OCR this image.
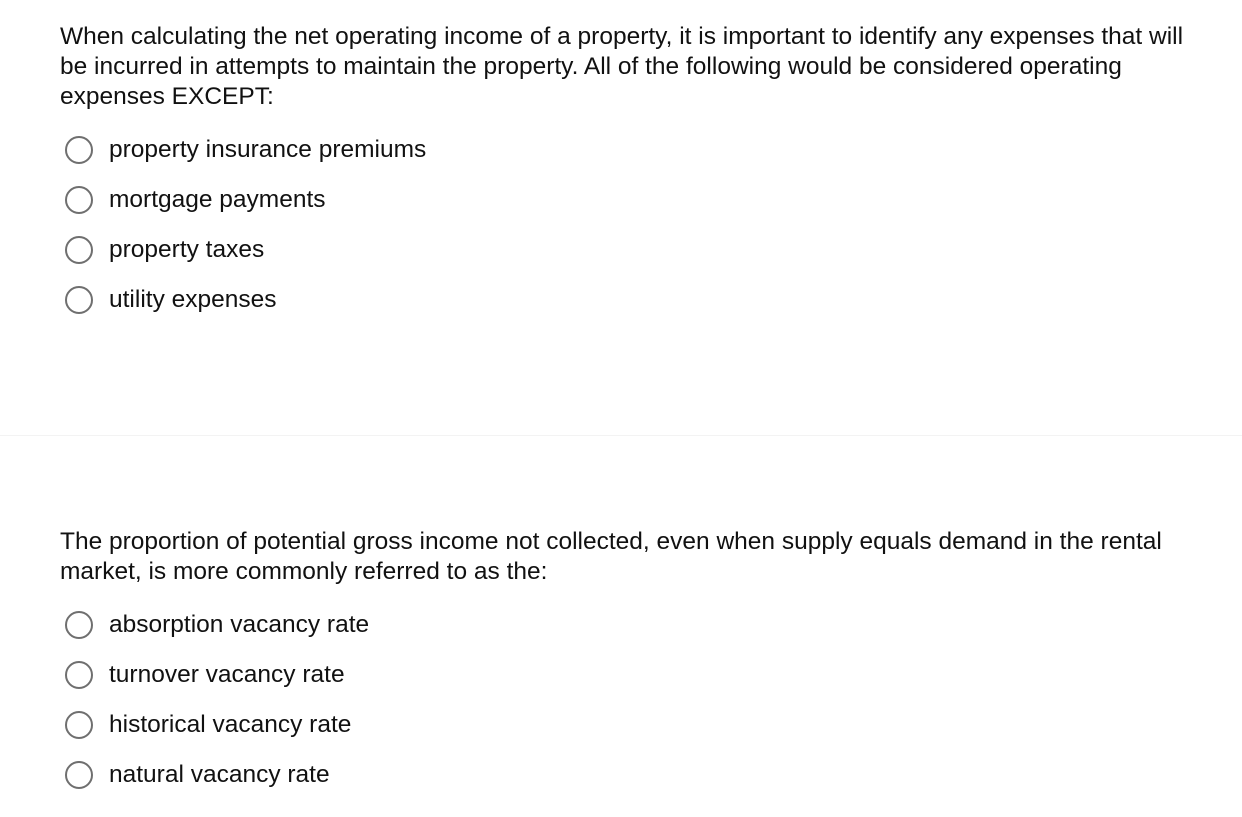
When calculating the net operating income of a property, it is important to identify any expenses that will
be incurred in attempts to maintain the property. All of the following would be considered operating
expenses EXCEPT:

property insurance premiums
mortgage payments
property taxes
utility expenses

The proportion of potential gross income not collected, even when supply equals demand in the rental
market, is more commonly referred to as the:

absorption vacancy rate
turnover vacancy rate
historical vacancy rate
natural vacancy rate
